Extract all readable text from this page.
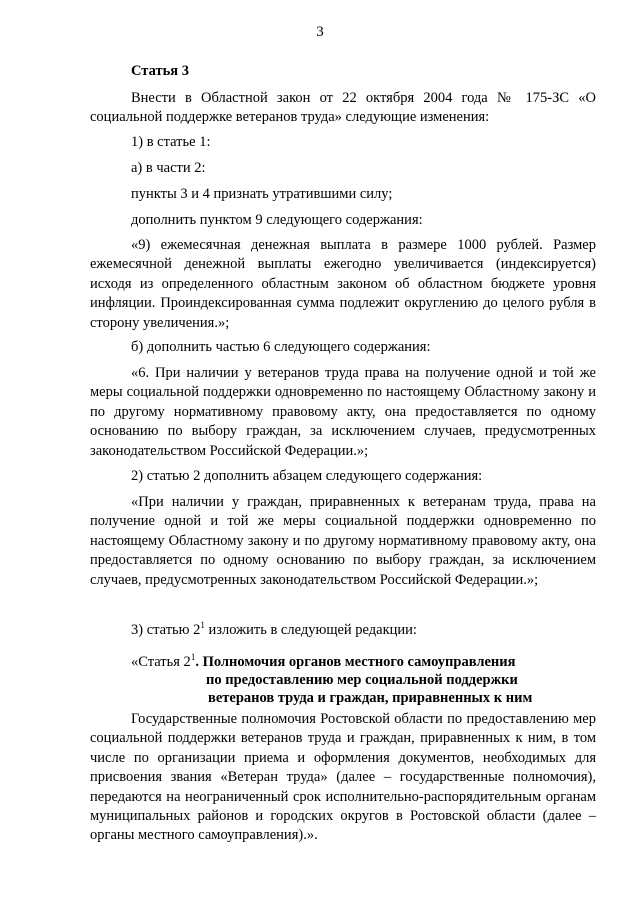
3

Статья 3

Внести в Областной закон от 22 октября 2004 года № 175-ЗС «О социальной поддержке ветеранов труда» следующие изменения:

1) в статье 1:

а) в части 2:

пункты 3 и 4 признать утратившими силу;

дополнить пунктом 9 следующего содержания:

«9) ежемесячная денежная выплата в размере 1000 рублей. Размер ежемесячной денежной выплаты ежегодно увеличивается (индексируется) исходя из определенного областным законом об областном бюджете уровня инфляции. Проиндексированная сумма подлежит округлению до целого рубля в сторону увеличения.»;

б) дополнить частью 6 следующего содержания:

«6. При наличии у ветеранов труда права на получение одной и той же меры социальной поддержки одновременно по настоящему Областному закону и по другому нормативному правовому акту, она предоставляется по одному основанию по выбору граждан, за исключением случаев, предусмотренных законодательством Российской Федерации.»;

2) статью 2 дополнить абзацем следующего содержания:

«При наличии у граждан, приравненных к ветеранам труда, права на получение одной и той же меры социальной поддержки одновременно по настоящему Областному закону и по другому нормативному правовому акту, она предоставляется по одному основанию по выбору граждан, за исключением случаев, предусмотренных законодательством Российской Федерации.»;

3) статью $2^1$ изложить в следующей редакции:

«Статья $2^1$. Полномочия органов местного самоуправления
по предоставлению мер социальной поддержки
ветеранов труда и граждан, приравненных к ним

Государственные полномочия Ростовской области по предоставлению мер социальной поддержки ветеранов труда и граждан, приравненных к ним, в том числе по организации приема и оформления документов, необходимых для присвоения звания «Ветеран труда» (далее – государственные полномочия), передаются на неограниченный срок исполнительно-распорядительным органам муниципальных районов и городских округов в Ростовской области (далее – органы местного самоуправления).».
